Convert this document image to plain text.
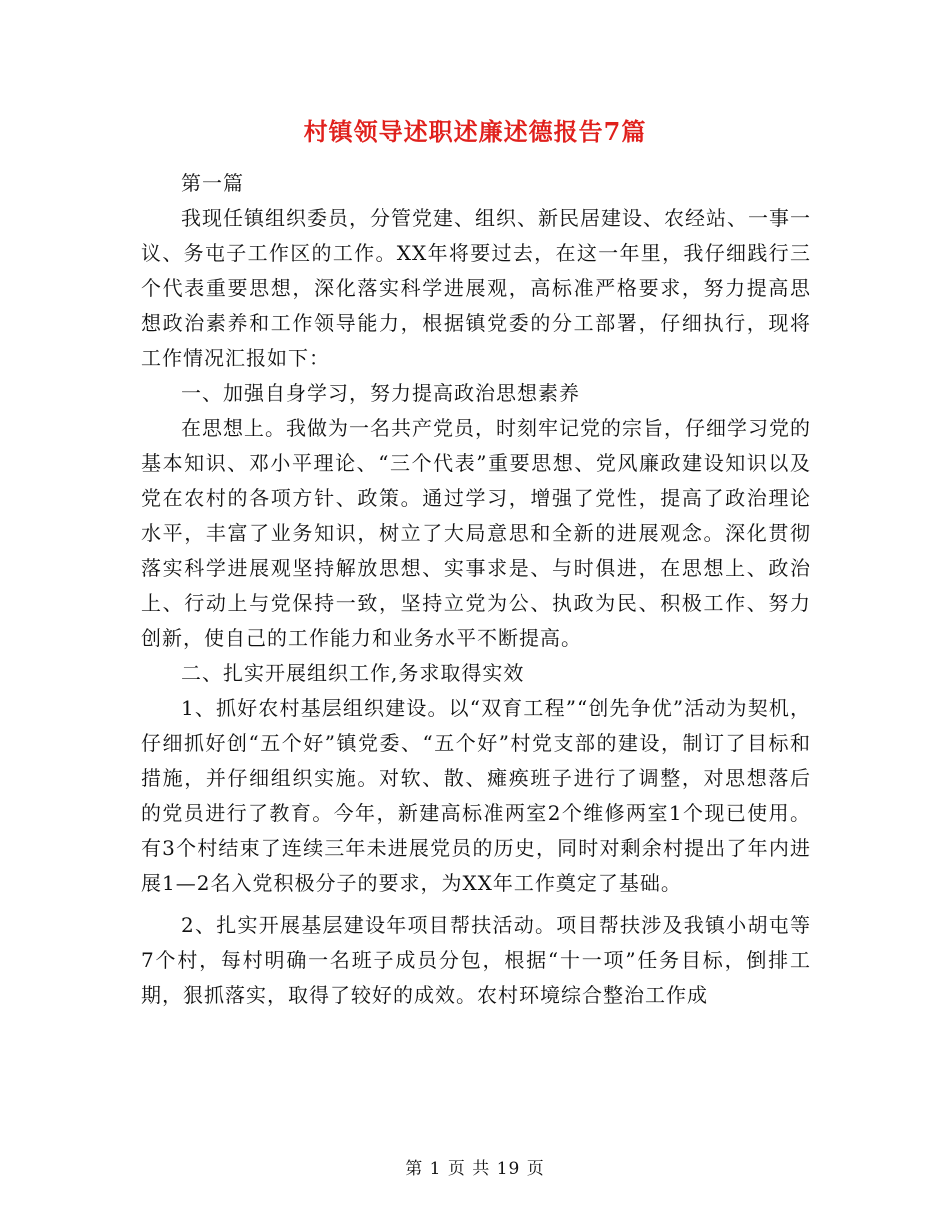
村镇领导述职述廉述德报告7篇

第一篇

我现任镇组织委员，分管党建、组织、新民居建设、农经站、一事一议、务屯子工作区的工作。XX年将要过去，在这一年里，我仔细践行三个代表重要思想，深化落实科学进展观，高标准严格要求，努力提高思想政治素养和工作领导能力，根据镇党委的分工部署，仔细执行，现将工作情况汇报如下：

一、加强自身学习，努力提高政治思想素养

在思想上。我做为一名共产党员，时刻牢记党的宗旨，仔细学习党的基本知识、邓小平理论、“三个代表”重要思想、党风廉政建设知识以及党在农村的各项方针、政策。通过学习，增强了党性，提高了政治理论水平，丰富了业务知识，树立了大局意思和全新的进展观念。深化贯彻落实科学进展观坚持解放思想、实事求是、与时俱进，在思想上、政治上、行动上与党保持一致，坚持立党为公、执政为民、积极工作、努力创新，使自己的工作能力和业务水平不断提高。

二、扎实开展组织工作,务求取得实效

1、抓好农村基层组织建设。以“双育工程”“创先争优”活动为契机，仔细抓好创“五个好”镇党委、“五个好”村党支部的建设，制订了目标和措施，并仔细组织实施。对软、散、瘫痪班子进行了调整，对思想落后的党员进行了教育。今年，新建高标准两室2个维修两室1个现已使用。有3个村结束了连续三年未进展党员的历史，同时对剩余村提出了年内进展1—2名入党积极分子的要求，为XX年工作奠定了基础。

2、扎实开展基层建设年项目帮扶活动。项目帮扶涉及我镇小胡屯等7个村，每村明确一名班子成员分包，根据“十一项”任务目标，倒排工期，狠抓落实，取得了较好的成效。农村环境综合整治工作成

第 1 页 共 19 页
